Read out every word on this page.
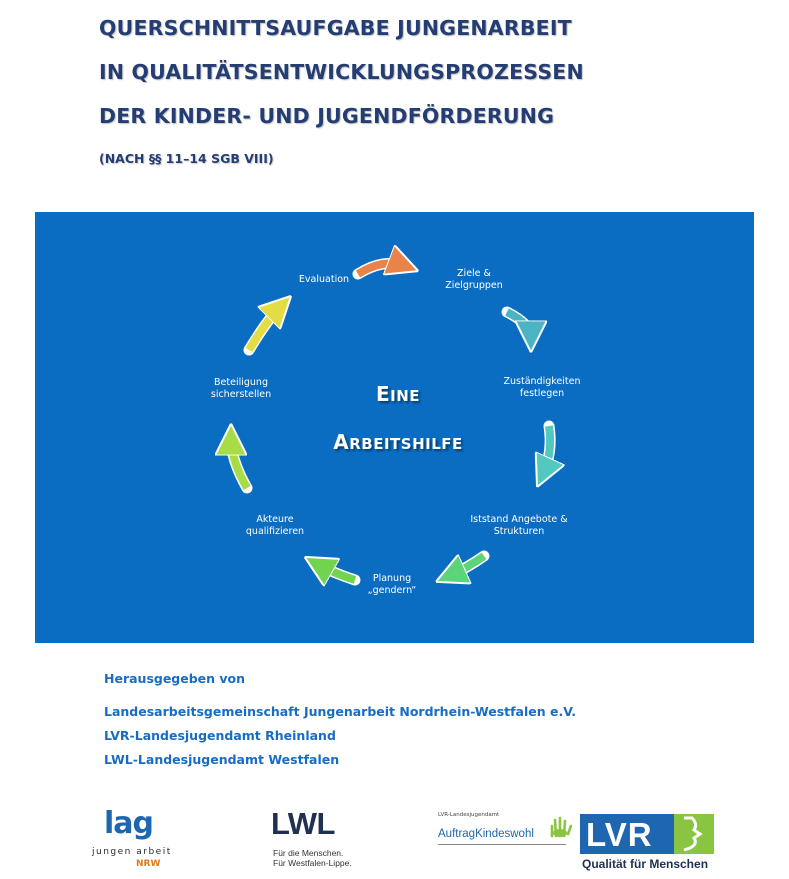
QUERSCHNITTSAUFGABE JUNGENARBEIT
IN QUALITÄTSENTWICKLUNGSPROZESSEN
DER KINDER- UND JUGENDFÖRDERUNG
(NACH §§ 11–14 SGB VIII)
Ziele &
Zielgruppen
Zuständigkeiten
festlegen
Iststand Angebote &
Strukturen
Planung
„gendern“
Akteure
qualifizieren
Beteiligung
sicherstellen
Evaluation
EINE
ARBEITSHILFE
Herausgegeben von
Landesarbeitsgemeinschaft Jungenarbeit Nordrhein-Westfalen e.V.
LVR-Landesjugendamt Rheinland
LWL-Landesjugendamt Westfalen
lag
jungen arbeit
NRW
LWL
Für die Menschen.
Für Westfalen-Lippe.
LVR-Landesjugendamt
AuftragKindeswohl LVR
Qualität für Menschen
